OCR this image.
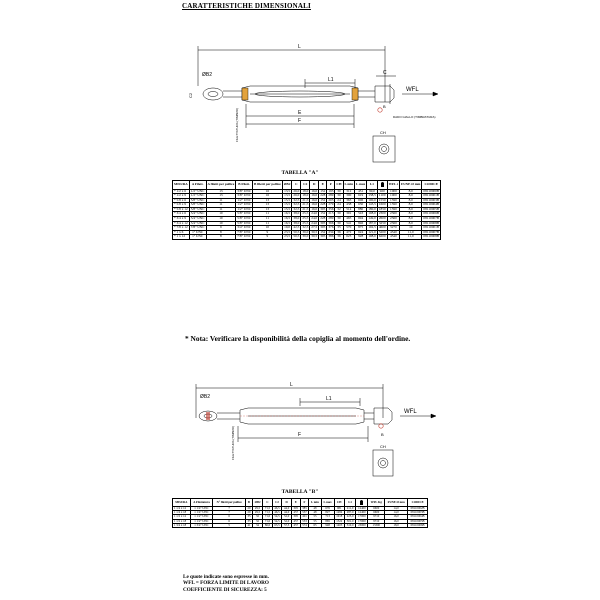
CARATTERISTICHE DIMENSIONALI
L
L1
C
ØB2
C2
E
F
B
CH
WFL
FILETTATURA (TIMBRO)	DADO GIALLO (TIMBRATURA)
TABELLA "A"
MISURA	A Filett.	A filetti per pollice	B Filett.	B filetti per pollice	ØB2	C	C2	D	E	F	CH	L min	L max	L1		WFL t	FUNE Ø mm	CODICE
* 1/2 x 6	1/2" UNC	13	3/8" UNC	16	13,5	26,0	18,0	16,0	152	193	30	312	451	99,0	920	1000	8,0	08110000B
* 1/2 x 9	1/2" UNC	13	3/8" UNC	16	13,5	26,0	18,0	16,0	228	289	30	390	619	138,5	1100	1000	8,0	08110001B
* 5/8 x 6	5/8" UNC	11	1/2" UNC	13	15,5	32,5	21,5	16,0	152	203	24	363	606	100,0	1550	1590	8,0	08110003B
* 5/8 x 9	5/8" UNC	11	1/2" UNC	13	15,5	32,5	21,5	16,0	228	279	24	438	630	143,5	1600	1590	8,0	08110004B
* 5/8 x 12	5/8" UNC	11	1/2" UNC	13	15,5	32,5	21,5	16,0	305	356	32	514	880	180,0	1850	1590	8,0	08110005B
* 3/4 x 6	3/4" UNC	10	5/8" UNC	11	16,5	38,0	25,5	24,0	152	213	30	391	543	108,0	2300	2360	8,0	08110006B
* 3/4 x 9	3/4" UNC	10	5/8" UNC	11	16,5	38,0	25,5	24,0	228	289	30	465	694	149,0	2600	2360	8,0	08110007B
* 3/4 x 12	3/4" UNC	10	5/8" UNC	11	16,5	38,0	25,5	24,0	305	366	30	541	846	187,0	3250	2360	8,0	08110008B
* 7/8 x 12	7/8" UNC	9	3/4" UNC	10	19,0	42,5	32,5	27,5	305	376	35	570	875	192,5	4600	3270	10	08110001B
* 1 x 6	1" UNC	8	7/8" UNC	9	23,5	50,5	39,0	30,5	152	234	36	472	624	121,0	5200	4540	11,0	08110007B
* 1 x 12	1" UNC	8	7/8" UNC	9	23,5	50,5	39,0	30,5	305	386	36	623	928	198,0	6200	4540	11,0	08110008B
* Nota: Verificare la disponibilità della copiglia al momento dell'ordine.
L
L1
ØB2
F	B
CH
WFL
FILETTATURA (TIMBRO)
TABELLA "B"
MISURA	A Filettatura	N° filetti per pollice	B	ØB2	C	C2	D	E	F	L min	L max	CH	L1		WFL Kg	FUNE Ø mm	CODICE
1 1/4 x 12	1 1/4" UNC	7	29	29,5	71,5	46,5	44,0	305	385	48	676	981	211,0	12400	6600	14,0	08110002B
1 1/4 x 18	1 1/4" UNC	7	29	29,5	71,5	46,5	44,0	457	537	48	827	1284	287,0	12400	6600	14,0	08110003B
1 1/2 x 12	1 1/2" UNC	6	35	32	71,0	54,5	52,0	305	401	55	713	1018	225,0	17000	9710	16,0	08110004B
1 1/2 x 18	1 1/2" UNC	6	35	32	71,0	54,5	52,0	457	553	55	865	1322	301,0	17000	9710	16,0	08110005B
1 3/4 x 18	1 3/4" UNC	5	41	34	86,0	63,5	57,5	457	574	65	948	1405	310,0	23000	13300	18,0	08110006B
Le quote indicate sono espresse in mm.
WFL = FORZA LIMITE DI LAVORO
COEFFICIENTE DI SICUREZZA: 5
